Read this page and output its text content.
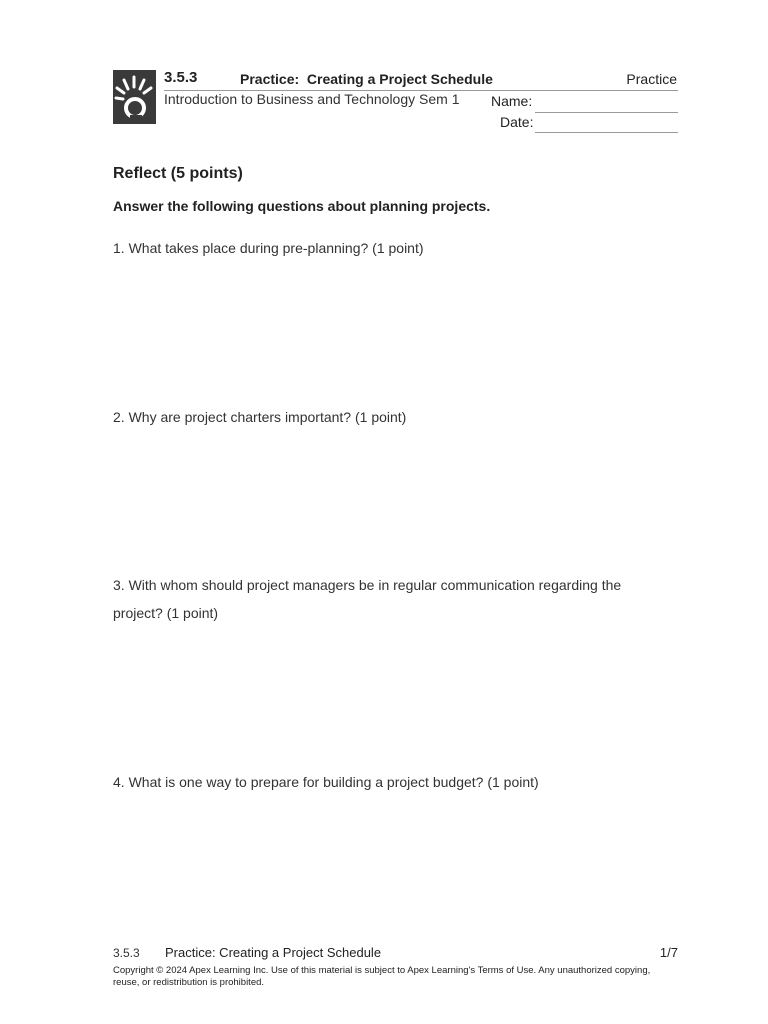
3.5.3	Practice:  Creating a Project Schedule	Practice
Introduction to Business and Technology Sem 1 Name:
Date:
Reflect (5 points)
Answer the following questions about planning projects.
1. What takes place during pre-planning? (1 point)
2. Why are project charters important? (1 point)
3. With whom should project managers be in regular communication regarding the project? (1 point)
4. What is one way to prepare for building a project budget? (1 point)
3.5.3 Practice: Creating a Project Schedule	1/7
Copyright © 2024 Apex Learning Inc. Use of this material is subject to Apex Learning's Terms of Use. Any unauthorized copying, reuse, or redistribution is prohibited.
